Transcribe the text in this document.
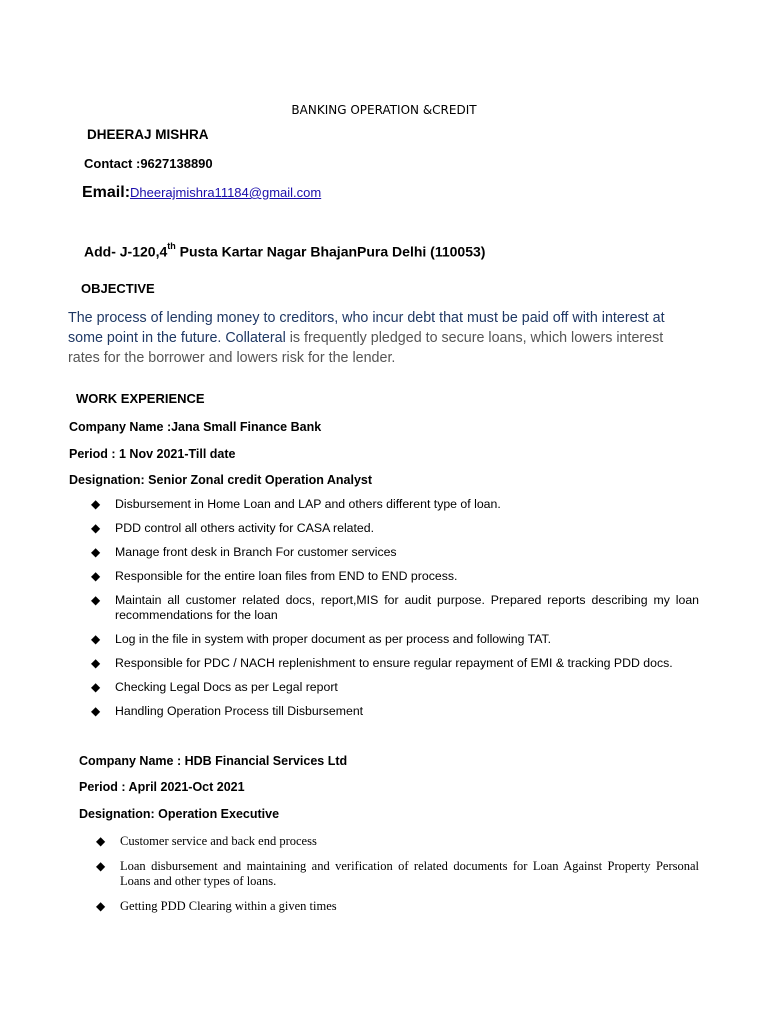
BANKING OPERATION &CREDIT
DHEERAJ MISHRA
Contact :9627138890
Email:Dheerajmishra11184@gmail.com
Add- J-120,4th Pusta Kartar Nagar BhajanPura Delhi (110053)
OBJECTIVE
The process of lending money to creditors, who incur debt that must be paid off with interest at some point in the future. Collateral is frequently pledged to secure loans, which lowers interest rates for the borrower and lowers risk for the lender.
WORK EXPERIENCE
Company Name :Jana Small Finance Bank
Period : 1 Nov 2021-Till date
Designation: Senior Zonal credit Operation Analyst
◆ Disbursement in Home Loan and LAP and others different type of loan.
◆ PDD control all others activity for CASA related.
◆ Manage front desk in Branch For customer services
◆ Responsible for the entire loan files from END to END process.
◆ Maintain all customer related docs, report,MIS for audit purpose. Prepared reports describing my loan recommendations for the loan
◆ Log in the file in system with proper document as per process and following TAT.
◆ Responsible for PDC / NACH replenishment to ensure regular repayment of EMI & tracking PDD docs.
◆ Checking Legal Docs as per Legal report
◆ Handling Operation Process till Disbursement
Company Name : HDB Financial Services Ltd
Period : April 2021-Oct 2021
Designation: Operation Executive
◆ Customer service and back end process
◆ Loan disbursement and maintaining and verification of related documents for Loan Against Property Personal Loans and other types of loans.
◆ Getting PDD Clearing within a given times
